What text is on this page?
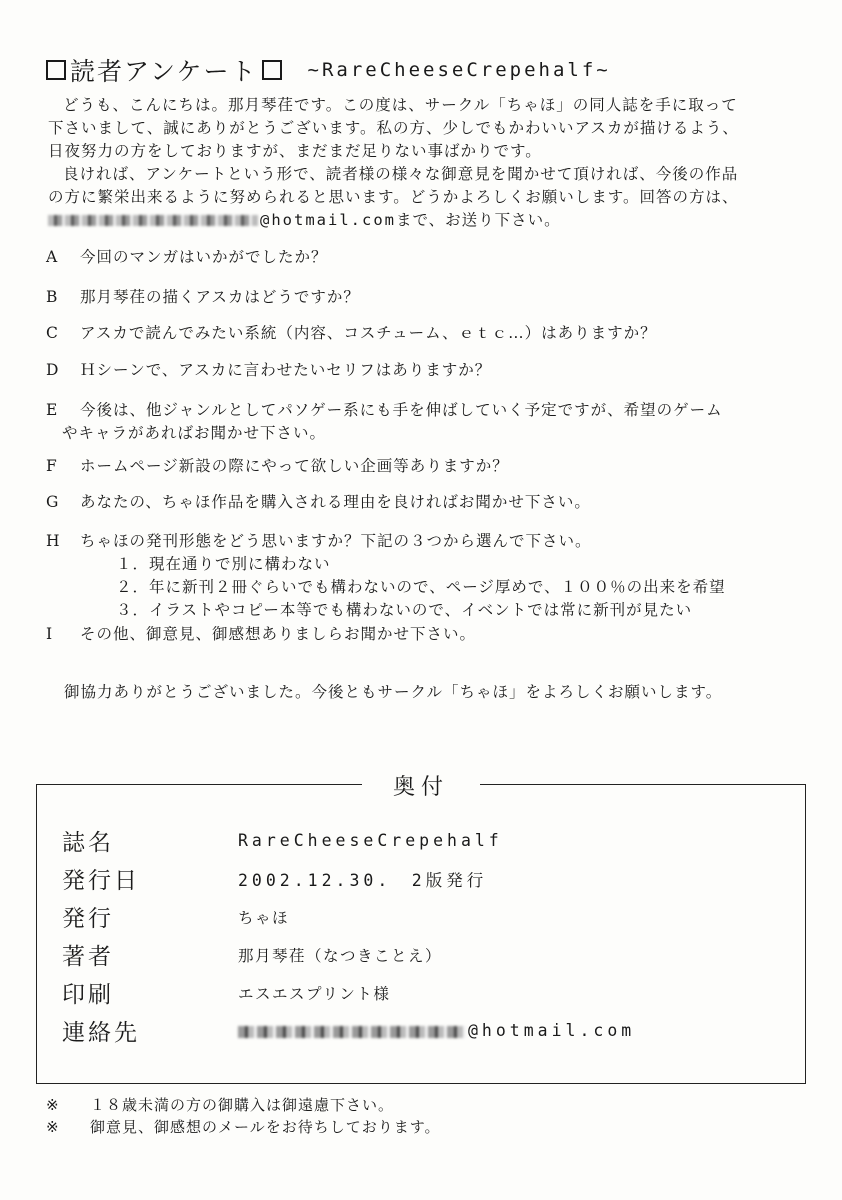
読者アンケート	~RareCheeseCrepehalf~

どうも、こんにちは。那月琴荏です。この度は、サークル「ちゃほ」の同人誌を手に取って

下さいまして、誠にありがとうございます。私の方、少しでもかわいいアスカが描けるよう、

日夜努力の方をしておりますが、まだまだ足りない事ばかりです。

良ければ、アンケートという形で、読者様の様々な御意見を聞かせて頂ければ、今後の作品

の方に繁栄出来るように努められると思います。どうかよろしくお願いします。回答の方は、

@hotmail.comまで、お送り下さい。

A 今回のマンガはいかがでしたか？
B 那月琴荏の描くアスカはどうですか？
C アスカで読んでみたい系統（内容、コスチューム、ｅｔｃ…）はありますか？
D Ｈシーンで、アスカに言わせたいセリフはありますか？
E 今後は、他ジャンルとしてパソゲー系にも手を伸ばしていく予定ですが、希望のゲーム
やキャラがあればお聞かせ下さい。
F ホームページ新設の際にやって欲しい企画等ありますか？
G あなたの、ちゃほ作品を購入される理由を良ければお聞かせ下さい。
H ちゃほの発刊形態をどう思いますか？下記の３つから選んで下さい。
１．現在通りで別に構わない
２．年に新刊２冊ぐらいでも構わないので、ページ厚めで、１００％の出来を希望
３．イラストやコピー本等でも構わないので、イベントでは常に新刊が見たい
I その他、御意見、御感想ありましらお聞かせ下さい。
御協力ありがとうございました。今後ともサークル「ちゃほ」をよろしくお願いします。
奥付
誌名	RareCheeseCrepehalf
発行日	2002.12.30.　2版発行
発行	ちゃほ
著者	那月琴荏（なつきことえ）
印刷	エスエスプリント様
連絡先	@hotmail.com
※ １８歳未満の方の御購入は御遠慮下さい。
※ 御意見、御感想のメールをお待ちしております。
